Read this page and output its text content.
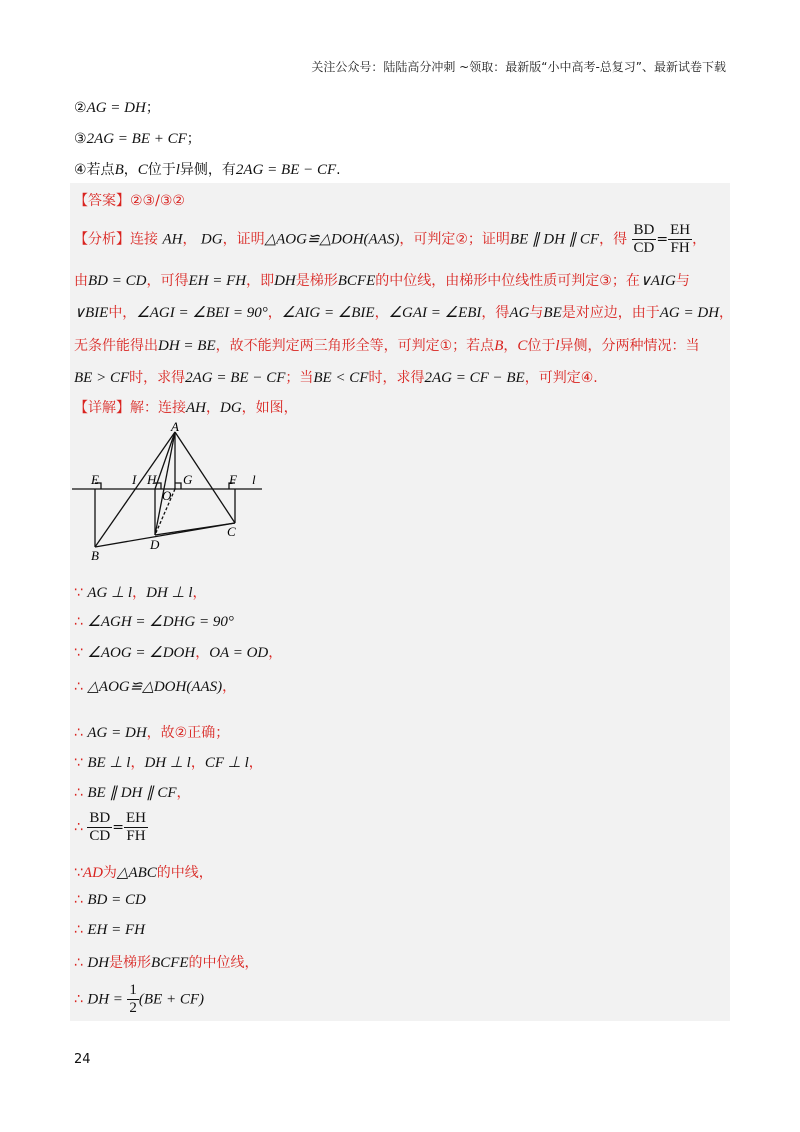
关注公众号：陆陆高分冲刺 ~领取：最新版“小中高考-总复习”、最新试卷下载
②AG = DH；
③2AG = BE + CF；
④若点B，C位于l异侧，有2AG = BE − CF.
【答案】②③/③②
【分析】连接 AH， DG，证明△AOG≌△DOH(AAS)，可判定②；证明BE ∥ DH ∥ CF，得 $\frac{BD}{CD} = \frac{EH}{FH}$ ，
由BD = CD，可得EH = FH，即DH是梯形BCFE的中位线，由梯形中位线性质可判定③；在∨AIG与
∨BIE中，∠AGI = ∠BEI = 90°，∠AIG = ∠BIE，∠GAI = ∠EBI，得AG与BE是对应边，由于AG = DH，
无条件能得出DH = BE，故不能判定两三角形全等，可判定①；若点B，C位于l异侧，分两种情况：当
BE > CF时，求得2AG = BE − CF；当BE < CF时，求得2AG = CF − BE，可判定④.
【详解】解：连接AH，DG，如图，
A
E	I H G	F l
O
B
D
C
∵ AG ⊥ l，DH ⊥ l，
∴ ∠AGH = ∠DHG = 90°
∵ ∠AOG = ∠DOH，OA = OD，
∴ △AOG≌△DOH(AAS)，
∴ AG = DH，故②正确；
∵ BE ⊥ l，DH ⊥ l，CF ⊥ l，
∴ BE ∥ DH ∥ CF，
∴ $\frac{BD}{CD} = \frac{EH}{FH}$
∵AD为△ABC的中线，
∴ BD = CD
∴ EH = FH
∴ DH是梯形BCFE的中位线，
∴ DH = $\frac{1}{2} (BE + CF)$
24
